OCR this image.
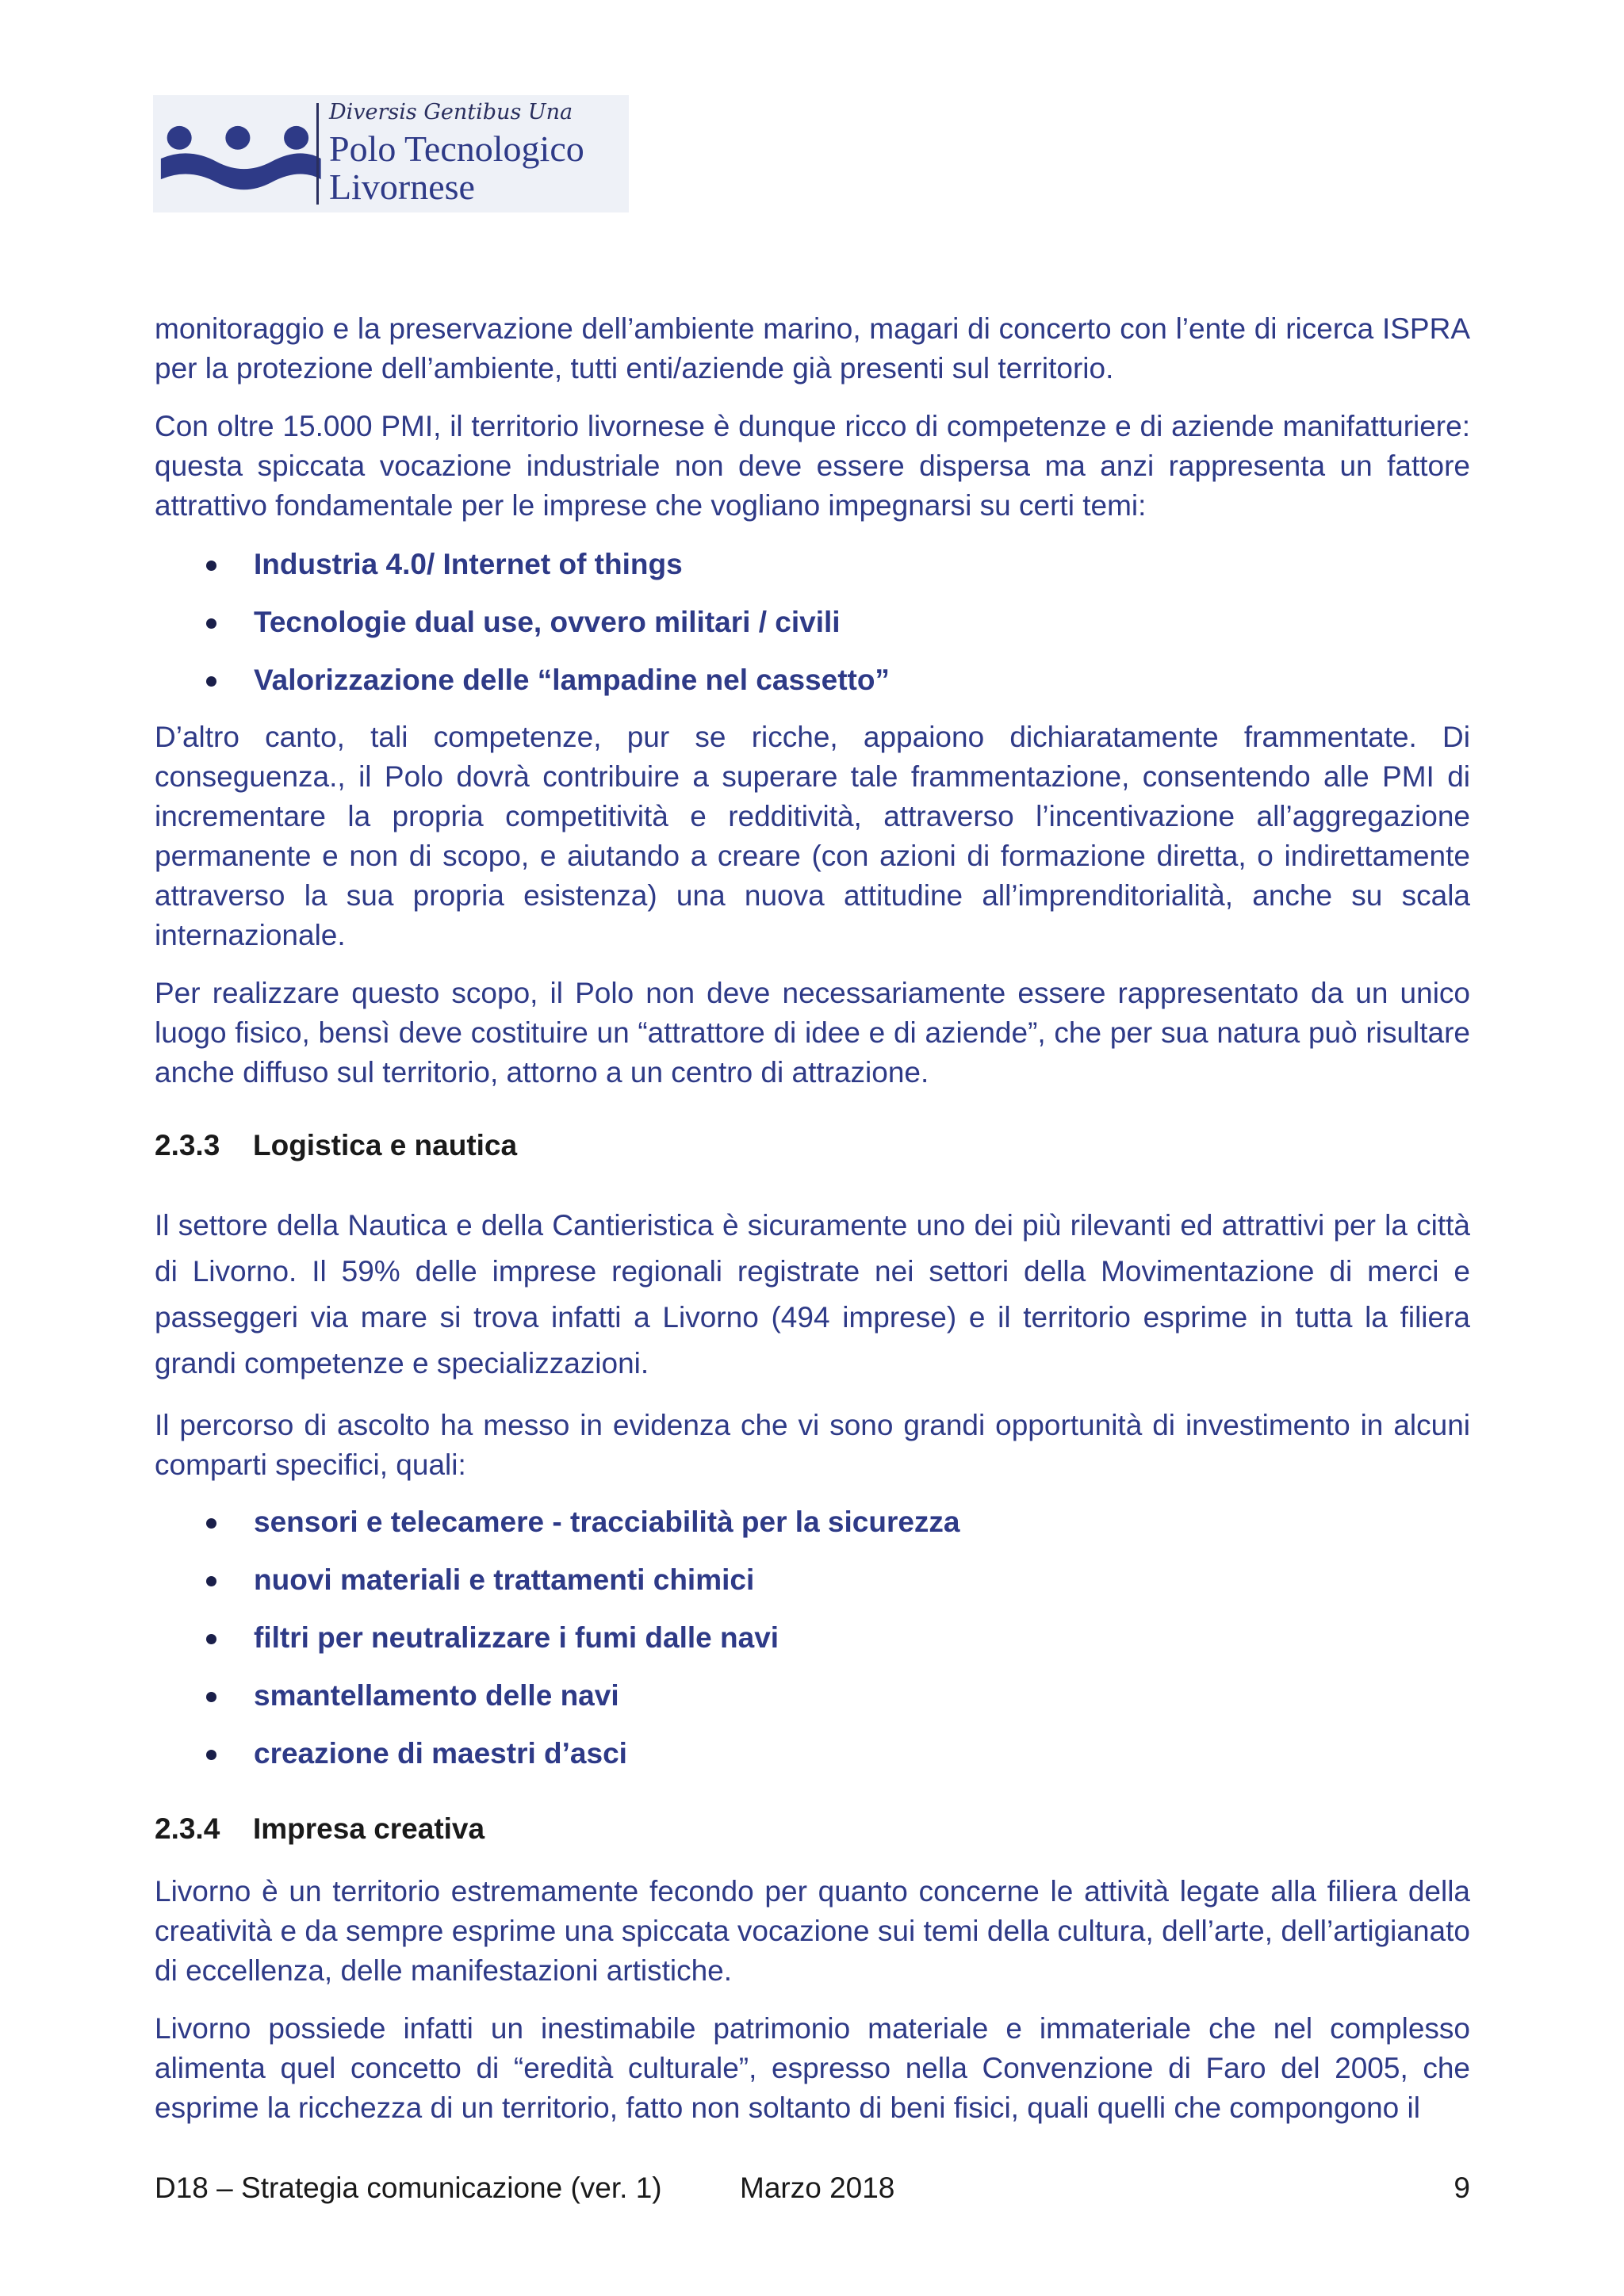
Diversis Gentibus Una
Polo Tecnologico
Livornese

monitoraggio e la preservazione dell’ambiente marino, magari di concerto con l’ente di ricerca ISPRA per la protezione dell’ambiente, tutti enti/aziende già presenti sul territorio.

Con oltre 15.000 PMI, il territorio livornese è dunque ricco di competenze e di aziende manifatturiere: questa spiccata vocazione industriale non deve essere dispersa ma anzi rappresenta un fattore attrattivo fondamentale per le imprese che vogliano impegnarsi su certi temi:

Industria 4.0/ Internet of things
Tecnologie dual use, ovvero militari / civili
Valorizzazione delle “lampadine nel cassetto”

D’altro canto, tali competenze, pur se ricche, appaiono dichiaratamente frammentate. Di conseguenza., il Polo dovrà contribuire a superare tale frammentazione, consentendo alle PMI di incrementare la propria competitività e redditività, attraverso l’incentivazione all’aggregazione permanente e non di scopo, e aiutando a creare (con azioni di formazione diretta, o indirettamente attraverso la sua propria esistenza) una nuova attitudine all’imprenditorialità, anche su scala internazionale.

Per realizzare questo scopo, il Polo non deve necessariamente essere rappresentato da un unico luogo fisico, bensì deve costituire un “attrattore di idee e di aziende”, che per sua natura può risultare anche diffuso sul territorio, attorno a un centro di attrazione.

2.3.3 Logistica e nautica

Il settore della Nautica e della Cantieristica è sicuramente uno dei più rilevanti ed attrattivi per la città di Livorno. Il 59% delle imprese regionali registrate nei settori della Movimentazione di merci e passeggeri via mare si trova infatti a Livorno (494 imprese) e il territorio esprime in tutta la filiera grandi competenze e specializzazioni.

Il percorso di ascolto ha messo in evidenza che vi sono grandi opportunità di investimento in alcuni comparti specifici, quali:

sensori e telecamere - tracciabilità per la sicurezza
nuovi materiali e trattamenti chimici
filtri per neutralizzare i fumi dalle navi
smantellamento delle navi
creazione di maestri d’asci

2.3.4 Impresa creativa

Livorno è un territorio estremamente fecondo per quanto concerne le attività legate alla filiera della creatività e da sempre esprime una spiccata vocazione sui temi della cultura, dell’arte, dell’artigianato di eccellenza, delle manifestazioni artistiche.

Livorno possiede infatti un inestimabile patrimonio materiale e immateriale che nel complesso alimenta quel concetto di “eredità culturale”, espresso nella Convenzione di Faro del 2005, che esprime la ricchezza di un territorio, fatto non soltanto di beni fisici, quali quelli che compongono il

D18 – Strategia comunicazione (ver. 1)	Marzo 2018	9
